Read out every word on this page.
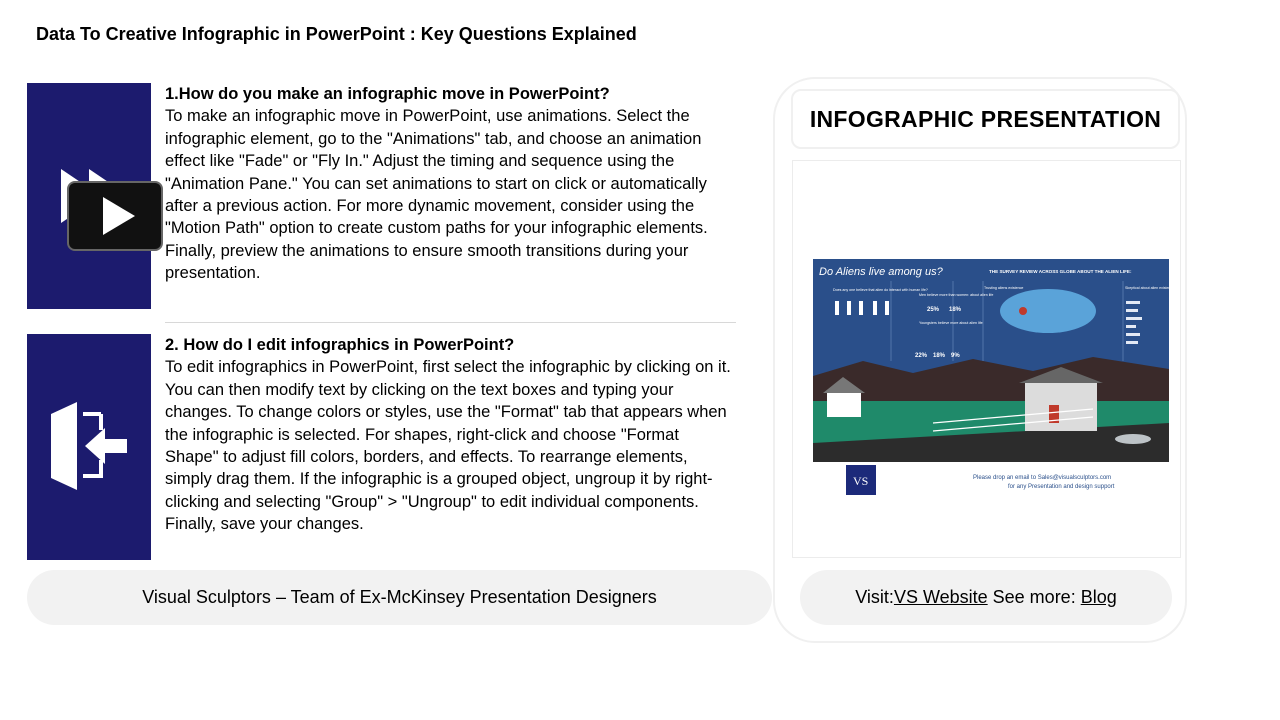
Data To Creative Infographic in PowerPoint : Key Questions Explained
1.How do you make an infographic move in PowerPoint?
To make an infographic move in PowerPoint, use animations. Select the infographic element, go to the "Animations" tab, and choose an animation effect like "Fade" or "Fly In." Adjust the timing and sequence using the "Animation Pane." You can set animations to start on click or automatically after a previous action. For more dynamic movement, consider using the "Motion Path" option to create custom paths for your infographic elements. Finally, preview the animations to ensure smooth transitions during your presentation.
2. How do I edit infographics in PowerPoint?
To edit infographics in PowerPoint, first select the infographic by clicking on it. You can then modify text by clicking on the text boxes and typing your changes. To change colors or styles, use the "Format" tab that appears when the infographic is selected. For shapes, right-click and choose "Format Shape" to adjust fill colors, borders, and effects. To rearrange elements, simply drag them. If the infographic is a grouped object, ungroup it by right-clicking and selecting "Group" > "Ungroup" to edit individual components. Finally, save your changes.
Visual Sculptors – Team of Ex-McKinsey Presentation Designers
INFOGRAPHIC PRESENTATION
Do Aliens live among us?	THE SURVEY REVIEW ACROSS GLOBE ABOUT THE ALIEN LIFE:
Does any one believe that alien do interact with human life?
Men believe more than women: about alien life
Youngsters believe more about alien life
Trusting aliens existence	Skeptical about alien existence
25% 18%
22% 18% 9%
VS	Please drop an email to Sales@visualsculptors.com
for any Presentation and design support
Visit: VS Website See more: Blog
